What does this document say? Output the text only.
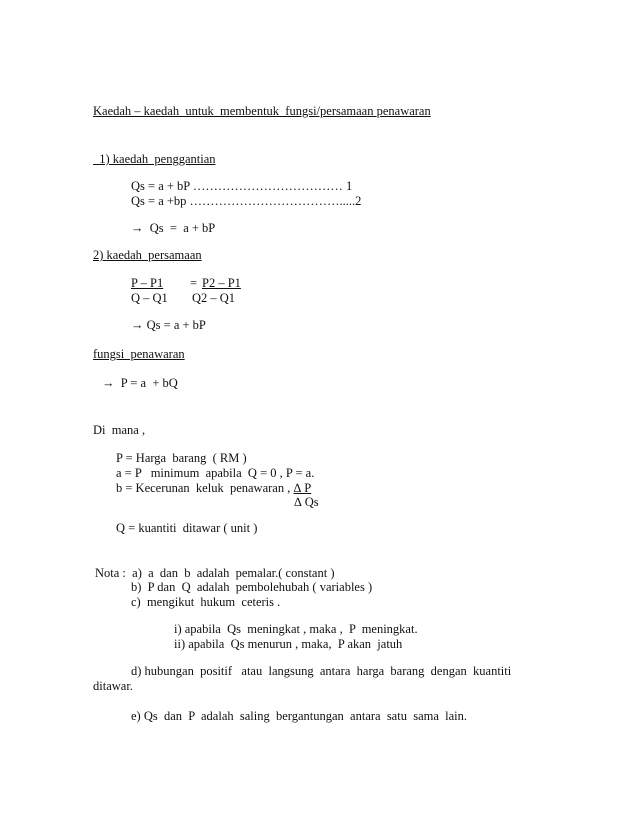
Kaedah – kaedah  untuk  membentuk  fungsi/persamaan penawaran
1) kaedah  penggantian
Qs = a + bP ……………………………… 1
Qs = a +bp ……………………………….....2
→  Qs  =  a + bP
2) kaedah  persamaan
P – P1 = P2 – P1
Q – Q1 Q2 – Q1
→ Qs = a + bP
fungsi  penawaran
→  P = a  + bQ
Di  mana ,
P = Harga  barang  ( RM )
a = P   minimum  apabila  Q = 0 , P = a.
b = Kecerunan  keluk  penawaran , ∆ P
∆ Qs
Q = kuantiti  ditawar ( unit )
Nota :  a)  a  dan  b  adalah  pemalar.( constant )
b)  P dan  Q  adalah  pembolehubah ( variables )
c)  mengikut  hukum  ceteris .
i) apabila  Qs  meningkat , maka ,  P  meningkat.
ii) apabila  Qs menurun , maka,  P akan  jatuh
d) hubungan  positif   atau  langsung  antara  harga  barang  dengan  kuantiti
ditawar.
e) Qs  dan  P  adalah  saling  bergantungan  antara  satu  sama  lain.
